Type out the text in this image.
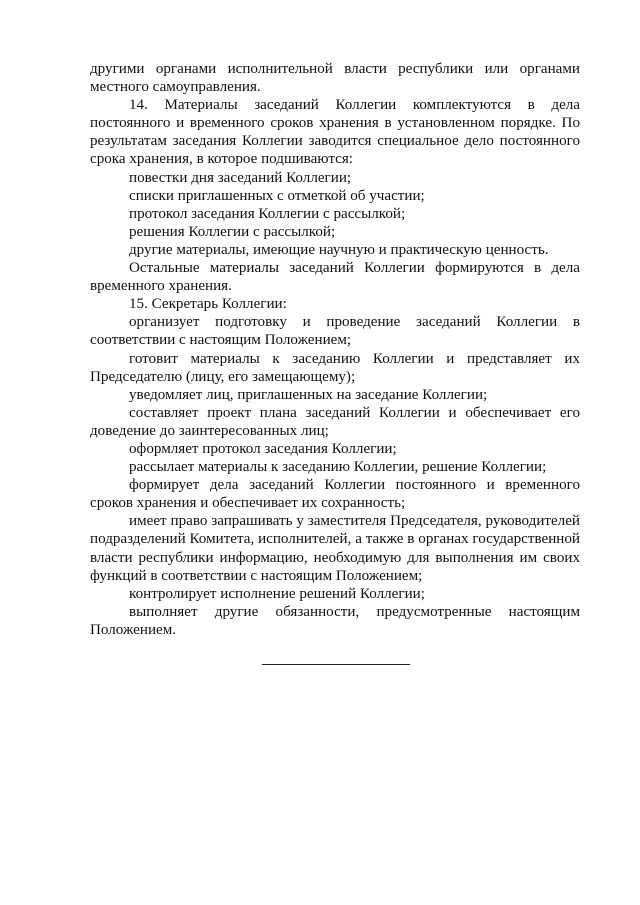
другими органами исполнительной власти республики или органами местного самоуправления.

14. Материалы заседаний Коллегии комплектуются в дела постоянного и временного сроков хранения в установленном порядке. По результатам заседания Коллегии заводится специальное дело постоянного срока хранения, в которое подшиваются:

повестки дня заседаний Коллегии;

списки приглашенных с отметкой об участии;

протокол заседания Коллегии с рассылкой;

решения Коллегии с рассылкой;

другие материалы, имеющие научную и практическую ценность.

Остальные материалы заседаний Коллегии формируются в дела временного хранения.

15. Секретарь Коллегии:

организует подготовку и проведение заседаний Коллегии в соответствии с настоящим Положением;

готовит материалы к заседанию Коллегии и представляет их Председателю (лицу, его замещающему);

уведомляет лиц, приглашенных на заседание Коллегии;

составляет проект плана заседаний Коллегии и обеспечивает его доведение до заинтересованных лиц;

оформляет протокол заседания Коллегии;

рассылает материалы к заседанию Коллегии, решение Коллегии;

формирует дела заседаний Коллегии постоянного и временного сроков хранения и обеспечивает их сохранность;

имеет право запрашивать у заместителя Председателя, руководителей подразделений Комитета, исполнителей, а также в органах государственной власти республики информацию, необходимую для выполнения им своих функций в соответствии с настоящим Положением;

контролирует исполнение решений Коллегии;

выполняет другие обязанности, предусмотренные настоящим Положением.
